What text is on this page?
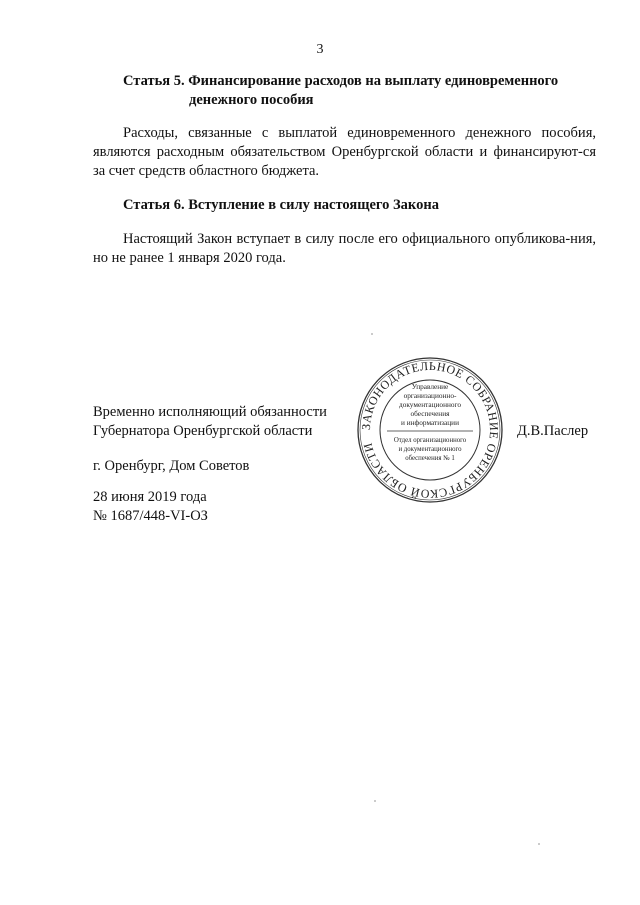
3
Статья 5. Финансирование расходов на выплату единовременного
денежного пособия
Расходы, связанные с выплатой единовременного денежного пособия, являются расходным обязательством Оренбургской области и финансируют-ся за счет средств областного бюджета.
Статья 6. Вступление в силу настоящего Закона
Настоящий Закон вступает в силу после его официального опубликова-ния, но не ранее 1 января 2020 года.
Временно исполняющий обязанности
Губернатора Оренбургской области	Д.В.Паслер
г. Оренбург, Дом Советов
28 июня 2019 года
№ 1687/448-VI-ОЗ
ЗАКОНОДАТЕЛЬНОЕ СОБРАНИЕ ОРЕНБУРГСКОЙ ОБЛАСТИ
Управление
организационно-
документационного
обеспечения
и информатизации
Отдел организационного
и документационного
обеспечения № 1
